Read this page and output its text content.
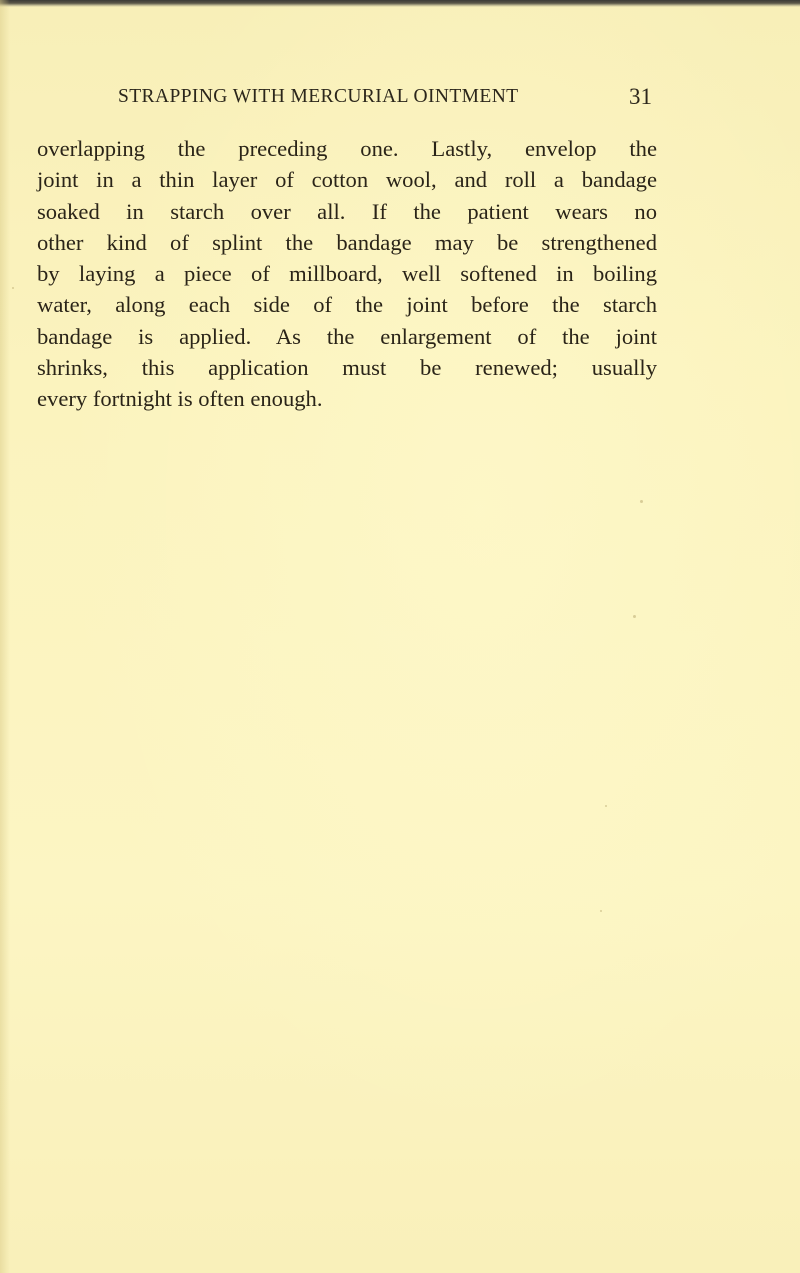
STRAPPING WITH MERCURIAL OINTMENT	31
overlapping the preceding one. Lastly, envelop the
joint in a thin layer of cotton wool, and roll a bandage
soaked in starch over all. If the patient wears no
other kind of splint the bandage may be strengthened
by laying a piece of millboard, well softened in boiling
water, along each side of the joint before the starch
bandage is applied. As the enlargement of the joint
shrinks, this application must be renewed; usually
every fortnight is often enough.
